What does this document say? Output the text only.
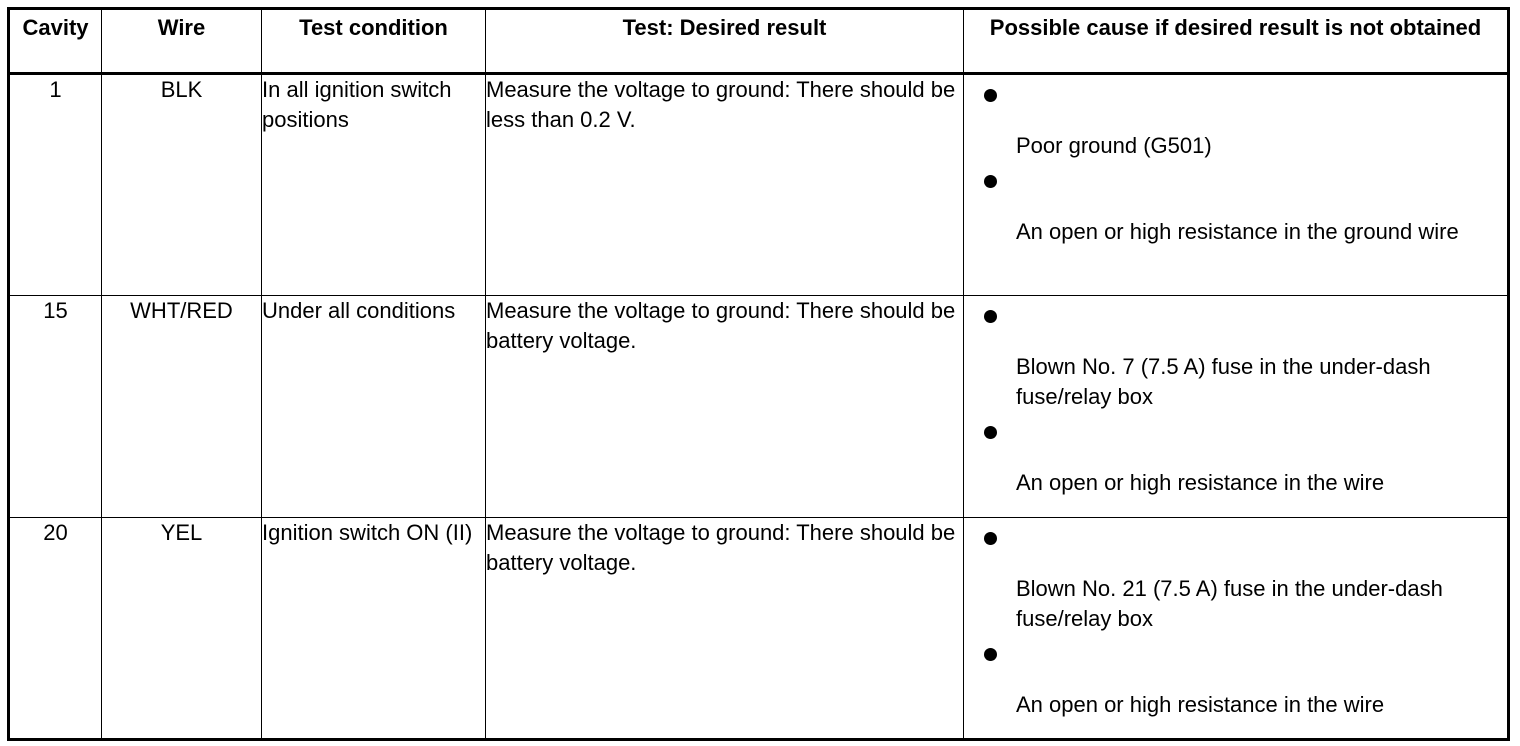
Cavity	Wire	Test condition	Test: Desired result	Possible cause if desired result is not obtained
1	BLK	In all ignition switch positions	Measure the voltage to ground: There should be less than 0.2 V.	Poor ground (G501)
An open or high resistance in the ground wire

15	WHT/RED	Under all conditions	Measure the voltage to ground: There should be battery voltage.	Blown No. 7 (7.5 A) fuse in the under-dash fuse/relay box
An open or high resistance in the wire

20	YEL	Ignition switch ON (II)	Measure the voltage to ground: There should be battery voltage.	Blown No. 21 (7.5 A) fuse in the under-dash fuse/relay box
An open or high resistance in the wire
